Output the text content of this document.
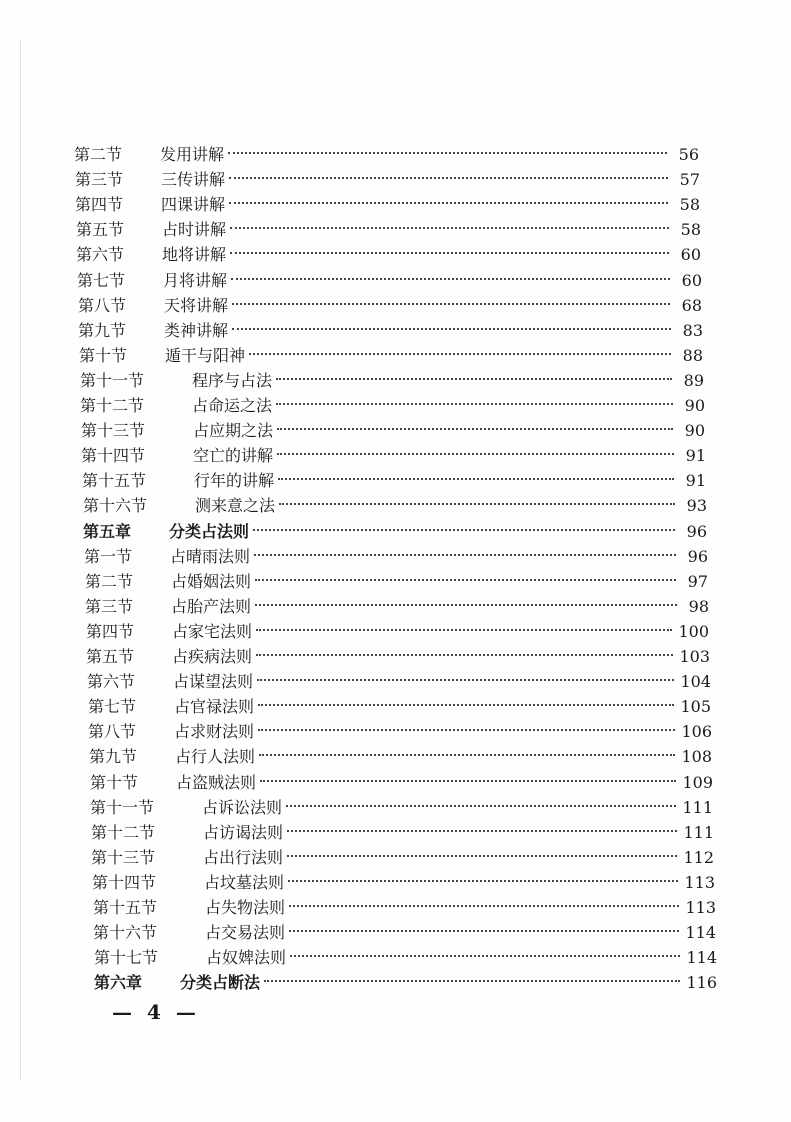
第二节	发用讲解	56
第三节	三传讲解	57
第四节	四课讲解	58
第五节	占时讲解	58
第六节	地将讲解	60
第七节	月将讲解	60
第八节	天将讲解	68
第九节	类神讲解	83
第十节	遁干与阳神	88
第十一节	程序与占法	89
第十二节	占命运之法	90
第十三节	占应期之法	90
第十四节	空亡的讲解	91
第十五节	行年的讲解	91
第十六节	测来意之法	93
第五章	分类占法则	96
第一节	占晴雨法则	96
第二节	占婚姻法则	97
第三节	占胎产法则	98
第四节	占家宅法则	100
第五节	占疾病法则	103
第六节	占谋望法则	104
第七节	占官禄法则	105
第八节	占求财法则	106
第九节	占行人法则	108
第十节	占盗贼法则	109
第十一节	占诉讼法则	111
第十二节	占访谒法则	111
第十三节	占出行法则	112
第十四节	占坟墓法则	113
第十五节	占失物法则	113
第十六节	占交易法则	114
第十七节	占奴婢法则	114
第六章	分类占断法	116
— 4 —
